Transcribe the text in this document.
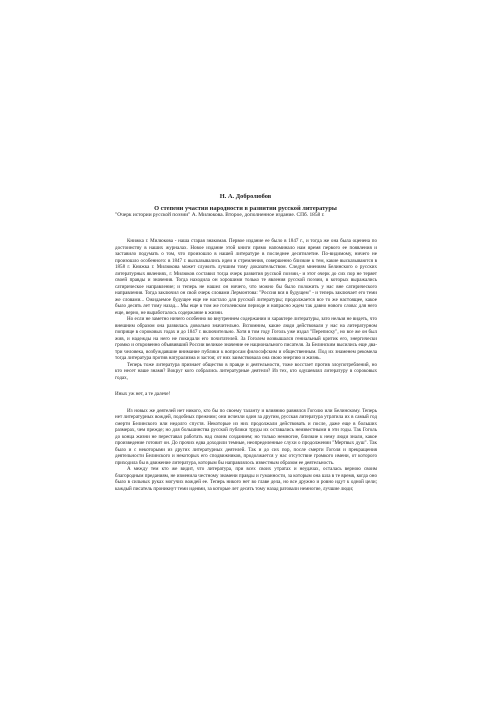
Н. А. Добролюбов

О степени участия народности в развитии русской литературы

"Очерк истории русской поэзии" А. Милюкова. Второе, дополненное издание. СПб. 1858 г.

Книжка г. Милюкова - наша старая знакомая. Первое издание ее было в 1847 г., и тогда же она была оценена по достоинству в наших журналах. Новое издание этой книги прямо напоминало нам время первого ее появления и заставило подумать о том, что произошло в нашей литературе в последнее десятилетие. По-видимому, ничего не произошло особенного: в 1847 г. высказывались идеи и стремления, совершенно близкие к тем, какие высказываются в 1858 г. Книжка г. Милюкова может служить лучшим тому доказательством. Следуя мнениям Белинского о русских литературных явлениях, г. Милюков составил тогда очерк развития русской поэзии,- и этот очерк до сих пор не теряет своей правды и значения. Тогда находила он хорошими только те явления русской поэзии, в которых выражались сатирическое направление; и теперь не нашел он ничего, что можно бы было положить у нас вне сатирического направления. Тогда заключил он свой очерк словами Лермонтова: "Россия вся в будущем" - и теперь заключает его теми же словами... Ожидаемое будущее еще не настало для русской литературы; продолжается все то же настоящее, какое было десять лет тому назад... Мы еще в том же гоголевском периоде и напрасно ждем так давно нового слова: для него еще, верно, не выработалось содержание в жизни.

Но если не заметно ничего особенно во внутреннем содержании и характере литературы, зато нельзя не видеть, что внешним образом она развилась довольно значительно. Вспомним, какие люди действовали у нас на литературном поприще в сороковых годах и до 1847 г. включительно. Хотя в том году Гоголь уже издал "Переписку", но все же он был жив, и надежды на него не покидали его почитателей. За Гоголем возвышался гениальный критик его, энергически громко и откровенно объявивший России великое значение ее национального писателя. За Белинским высились еще два-три человека, возбуждавшие внимание публики к вопросам философским и общественным. Под их знаменем рекомела тогда литература против натурализма и застоя; от них заимствовала она свою энергию и жизнь.

Теперь тоже литература признает общество в правде и деятельности, тоже восстает против злоупотреблений, но кто несет наше знамя? Вокруг кого собрались литературные деятели? Из тех, кто одушевлял литературу в сороковых годах,

Иных уж нет, а те далече!

Из новых же деятелей нет никого, кто бы по своему таланту и влиянию равнялся Гоголю или Белинскому. Теперь нет литературных вождей, подобных прежним; они исчезли один за другим, русская литература утратила их в самый год смерти Белинского или недолго спустя. Некоторые из них продолжали действовать и после, даже еще в больших размерах, чем прежде; но для большинства русской публики труды их оставались неизвестными в эти годы. Так Гоголь до конца жизни не переставал работать над своим созданием; но только немногие, близкие к нему люди знали, какое произведение готовит он. До прочих едва доходили темные, неопределенные слухи о продолжении "Мертвых душ". Так было и с некоторыми из других литературных деятелей. Так и до сих пор, после смерти Гоголя и прекращения деятельности Белинского и некоторых его сподвижников, продолжается у нас отсутствие громкого имени, от которого приходила бы в движение литература, которым бы направлялось известным образом ее деятельность.

А между тем кто же видит, что литература, при всех своих утратах и неудачах, осталась верною своим благородным преданиям, не изменила честному знамени правды и гуманности, за которым она шла в те время, когда оно было в сильных руках могучих вождей ее. Теперь никого нет во главе дела, но все дружно и ровно идут к одной цели; каждый писатель проникнут теми идеями, за которые лет десять тому назад ратовали немногие, лучшие люди;
